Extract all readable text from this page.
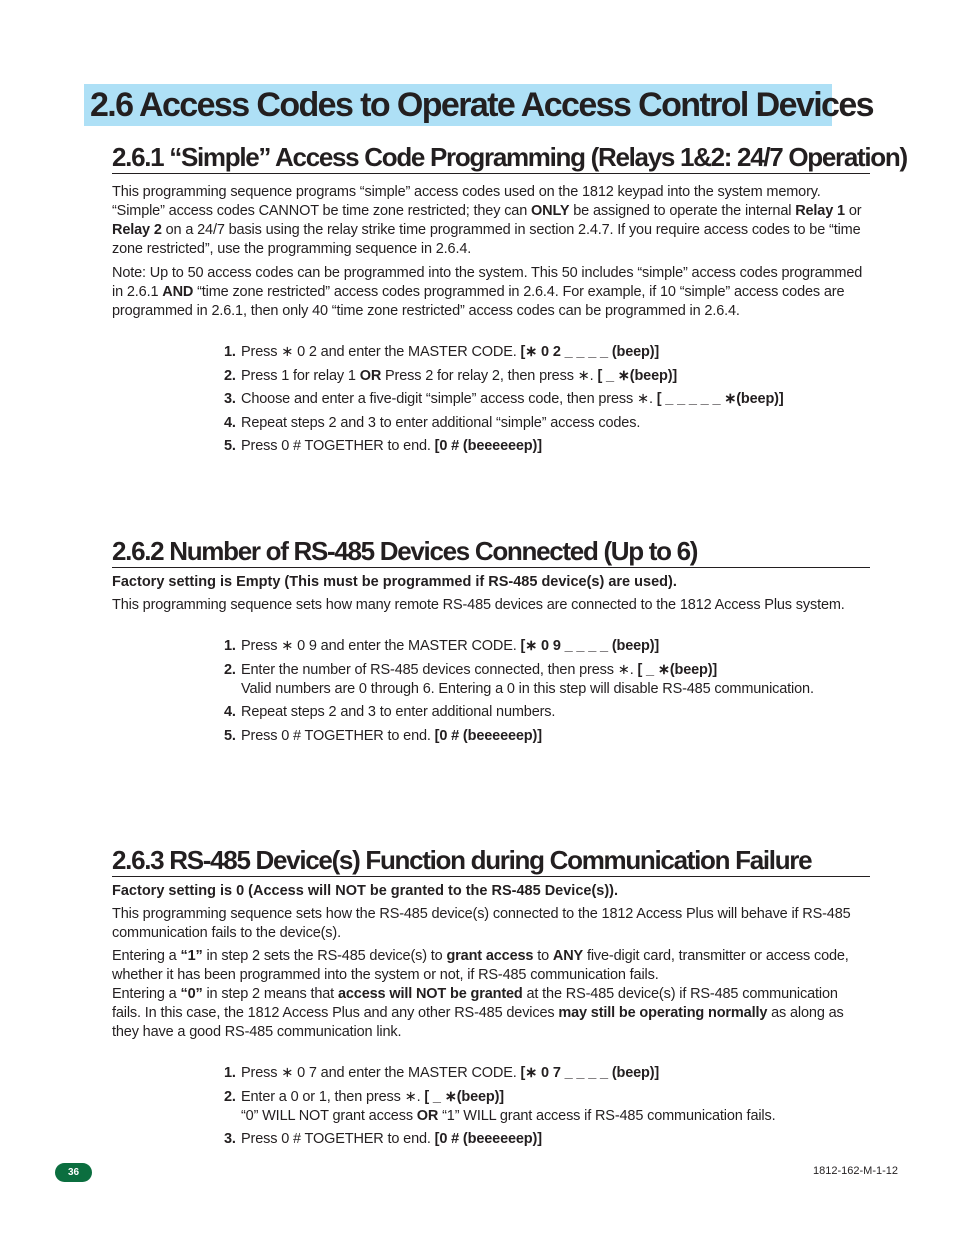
2.6 Access Codes to Operate Access Control Devices
2.6.1 “Simple” Access Code Programming (Relays 1&2: 24/7 Operation)

This programming sequence programs “simple” access codes used on the 1812 keypad into the system memory. “Simple” access codes CANNOT be time zone restricted; they can ONLY be assigned to operate the internal Relay 1 or Relay 2 on a 24/7 basis using the relay strike time programmed in section 2.4.7. If you require access codes to be “time zone restricted”, use the programming sequence in 2.6.4.

Note: Up to 50 access codes can be programmed into the system. This 50 includes “simple” access codes programmed in 2.6.1 AND “time zone restricted” access codes programmed in 2.6.4. For example, if 10 “simple” access codes are programmed in 2.6.1, then only 40 “time zone restricted” access codes can be programmed in 2.6.4.

1. Press ∗ 0 2 and enter the MASTER CODE. [∗ 0 2 _ _ _ _ (beep)]
2. Press 1 for relay 1 OR Press 2 for relay 2, then press ∗. [ _ ∗(beep)]
3. Choose and enter a five-digit “simple” access code, then press ∗. [ _ _ _ _ _ ∗(beep)]
4. Repeat steps 2 and 3 to enter additional “simple” access codes.
5. Press 0 # TOGETHER to end. [0 # (beeeeeep)]
2.6.2 Number of RS-485 Devices Connected (Up to 6)
Factory setting is Empty (This must be programmed if RS-485 device(s) are used).

This programming sequence sets how many remote RS-485 devices are connected to the 1812 Access Plus system.

1. Press ∗ 0 9 and enter the MASTER CODE. [∗ 0 9 _ _ _ _ (beep)]
2. Enter the number of RS-485 devices connected, then press ∗. [ _ ∗(beep)]
Valid numbers are 0 through 6. Entering a 0 in this step will disable RS-485 communication.
4. Repeat steps 2 and 3 to enter additional numbers.
5. Press 0 # TOGETHER to end. [0 # (beeeeeep)]
2.6.3 RS-485 Device(s) Function during Communication Failure
Factory setting is 0 (Access will NOT be granted to the RS-485 Device(s)).

This programming sequence sets how the RS-485 device(s) connected to the 1812 Access Plus will behave if RS-485 communication fails to the device(s).

Entering a “1” in step 2 sets the RS-485 device(s) to grant access to ANY five-digit card, transmitter or access code, whether it has been programmed into the system or not, if RS-485 communication fails.

Entering a “0” in step 2 means that access will NOT be granted at the RS-485 device(s) if RS-485 communication fails. In this case, the 1812 Access Plus and any other RS-485 devices may still be operating normally as along as they have a good RS-485 communication link.

1. Press ∗ 0 7 and enter the MASTER CODE. [∗ 0 7 _ _ _ _ (beep)]
2. Enter a 0 or 1, then press ∗. [ _ ∗(beep)]
“0” WILL NOT grant access OR “1” WILL grant access if RS-485 communication fails.
3. Press 0 # TOGETHER to end. [0 # (beeeeeep)]
36	1812-162-M-1-12
